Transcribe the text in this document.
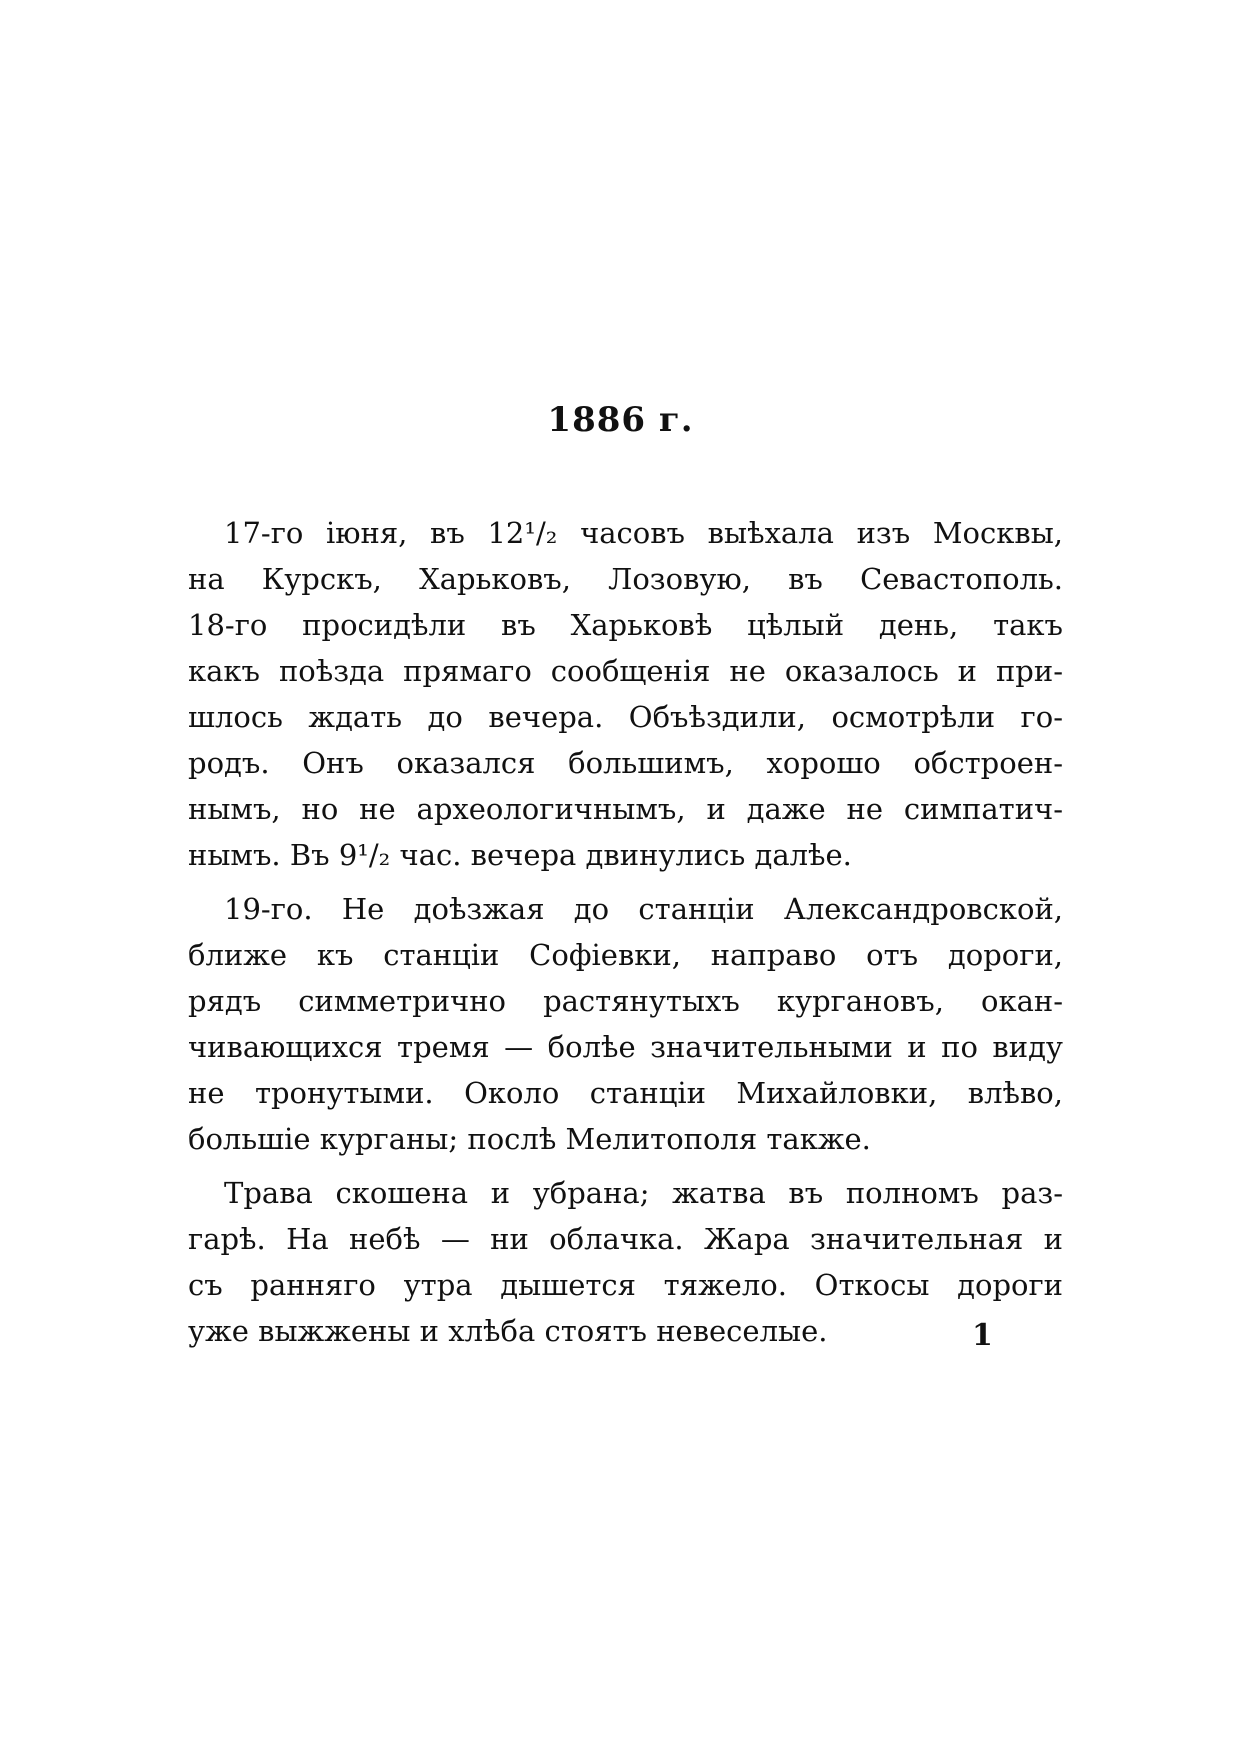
1886 г.
17-го іюня, въ 12¹/₂ часовъ выѣхала изъ Москвы,
на Курскъ, Харьковъ, Лозовую, въ Севастополь.
18-го просидѣли въ Харьковѣ цѣлый день, такъ
какъ поѣзда прямаго сообщенія не оказалось и при-
шлось ждать до вечера. Объѣздили, осмотрѣли го-
родъ. Онъ оказался большимъ, хорошо обстроен-
нымъ, но не археологичнымъ, и даже не симпатич-
нымъ. Въ 9¹/₂ час. вечера двинулись далѣе.
19-го. Не доѣзжая до станціи Александровской,
ближе къ станціи Софіевки, направо отъ дороги,
рядъ симметрично растянутыхъ кургановъ, окан-
чивающихся тремя — болѣе значительными и по виду
не тронутыми. Около станціи Михайловки, влѣво,
большіе курганы; послѣ Мелитополя также.
Трава скошена и убрана; жатва въ полномъ раз-
гарѣ. На небѣ — ни облачка. Жара значительная и
съ ранняго утра дышется тяжело. Откосы дороги
уже выжжены и хлѣба стоятъ невеселые.	1
